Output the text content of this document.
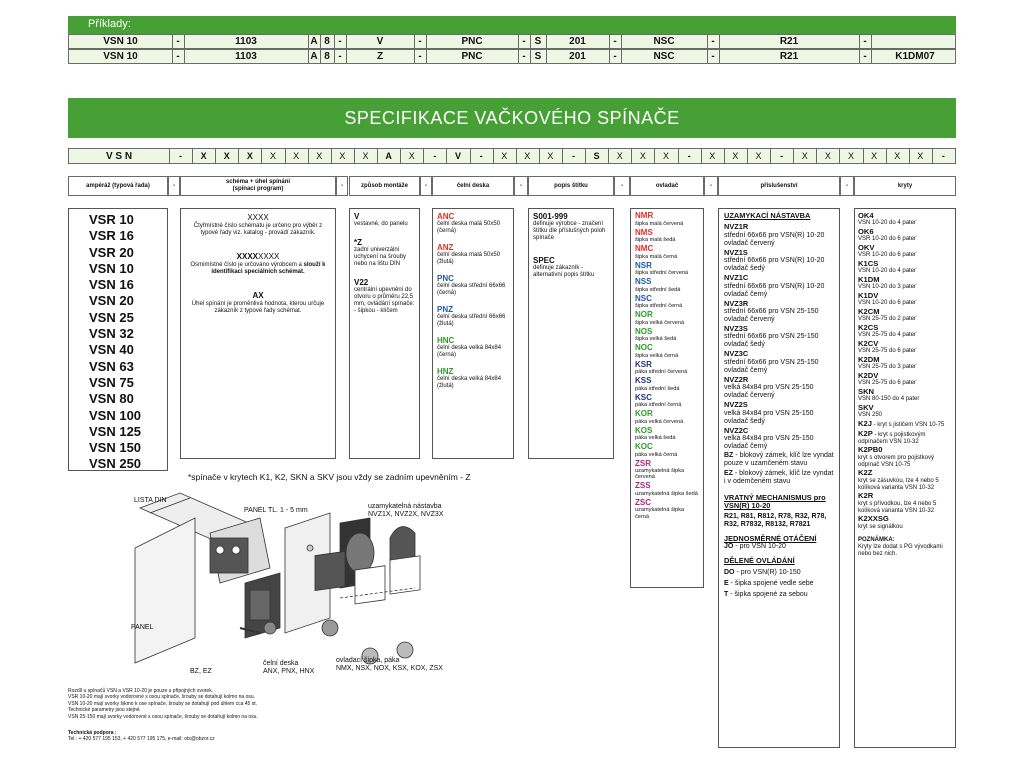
Příklady:
VSN 10	-	1103	A 8 -	V	-	PNC	- S	201	-	NSC	-	R21	-
VSN 10	-	1103	A 8 -	Z	-	PNC	- S	201	-	NSC	-	R21	-	K1DM07
SPECIFIKACE VAČKOVÉHO SPÍNAČE
V S N	-	X	X	X	X	X	X	X	X	A	X	-	V	-	X	X	X	-	S	X	X	X	-	X	X	X	-	X	X	X	X	X	X	-
ampéráž (typová řada)	-
schéma + úhel spínání
(spínací program)
-	způsob montáže	-	čelní deska	-	popis štítku	-	ovladač	-	příslušenství	-	kryty
VSR 10
VSR 16
VSR 20
VSN 10
VSN 16
VSN 20
VSN 25
VSN 32
VSN 40
VSN 63
VSN 75
VSN 80
VSN 100
VSN 125
VSN 150
VSN 250
XXXX
Čtyřmístné číslo schématu je určeno pro výběr z typové řady viz. katalog - provádí zákazník.
XXXXXXXX
Osmimístné číslo je určováno výrobcem a slouží k identifikaci speciálních schémat.
AX
Úhel spínání je proměnlivá hodnota, kterou určuje zákazník z typové řady schémat.
V
vestavné, do panelu
*Z
zadní univerzální uchycení na šrouby nebo na lištu DIN
V22
centrální upevnění do otvoru o průměru 22,5 mm, ovládání spínače: - šipkou - klíčem
ANC
čelní deska malá 50x50 (černá)
ANZ
čelní deska malá 50x50 (žlutá)
PNC
čelní deska střední 66x66 (černá)
PNZ
čelní deska střední 66x66 (žlutá)
HNC
čelní deska velká 84x84 (černá)
HNZ
čelní deska velká 84x84 (žlutá)
S001-999
definuje výrobce - značení štítku dle příslušných poloh spínače
SPEC
definuje zákazník - alternativní popis štítku
NMR
šipka malá červená
NMS
šipka malá šedá
NMC
šipka malá černá
NSR
šipka střední červená
NSS
šipka střední šedá
NSC
šipka střední černá
NOR
šipka velká červená
NOS
šipka velká šedá
NOC
šipka velká černá
KSR
páka střední červená
KSS
páka střední šedá
KSC
páka střední černá
KOR
páka velká červená
KOS
páka velká šedá
KOC
páka velká černá
ZSR
uzamykatelná šipka červená
ZSS
uzamykatelná šipka šedá
ZSC
uzamykatelná šipka černá
UZAMYKACÍ NÁSTAVBA
NVZ1R
střední 66x66 pro VSN(R) 10-20 ovladač červený
NVZ1S
střední 66x66 pro VSN(R) 10-20 ovladač šedý
NVZ1C
střední 66x66 pro VSN(R) 10-20 ovladač černý
NVZ3R
střední 66x66 pro VSN 25-150 ovladač červený
NVZ3S
střední 66x66 pro VSN 25-150 ovladač šedý
NVZ3C
střední 66x66 pro VSN 25-150 ovladač černý
NVZ2R
velká 84x84 pro VSN 25-150 ovladač červený
NVZ2S
velká 84x84 pro VSN 25-150 ovladač šedý
NVZ2C
velká 84x84 pro VSN 25-150 ovladač černý
BZ - blokový zámek, klíč lze vyndat pouze v uzamčeném stavu
EZ - blokový zámek, klíč lze vyndat i v odemčeném stavu
VRATNÝ MECHANISMUS pro VSN(R) 10-20
R21, R81, R812, R78, R32, R78, R32, R7832, R8132, R7821
JEDNOSMĚRNÉ OTÁČENÍ
JO - pro VSN 10-20
DĚLENÉ OVLÁDÁNÍ
DO - pro VSN(R) 10-150
E - šipka spojené vedle sebe
T - šipka spojené za sebou
OK4
VSN 10-20 do 4 pater
OK6
VSR 10-20 do 6 pater
OKV
VSR 10-20 do 6 pater
K1CS
VSN 10-20 do 4 pater
K1DM
VSN 10-20 do 3 pater
K1DV
VSN 10-20 do 6 pater
K2CM
VSN 25-75 do 2 pater
K2CS
VSN 25-75 do 4 pater
K2CV
VSN 25-75 do 6 pater
K2DM
VSN 25-75 do 3 pater
K2DV
VSN 25-75 do 6 pater
SKN
VSN 80-150 do 4 pater
SKV
VSN 250
K2J - kryt s jističem VSN 10-75
K2P - kryt s pojistkovým odpínačem VSN 10-32
K2PB0
kryt s otvorem pro pojistkový odpínač VSN 10-75
K2Z
kryt se zásuvkou, lze 4 nebo 5 kolíková varianta VSN 10-32
K2R
kryt s přívodkou, lze 4 nebo 5 kolíková varianta VSN 10-32
K2XXSG
kryt se signálkou
POZNÁMKA:
Kryty lze dodat s PG vývodkami nebo bez nich.
*spínače v krytech K1, K2, SKN a SKV jsou vždy se zadním upevněním - Z
LISTA DIN
PANEL TL. 1 - 5 mm
uzamykatelná nástavba
NVZ1X, NVZ2X, NVZ3X
PANEL
BZ, EZ
čelní deska
ANX, PNX, HNX
ovladací šipka, páka
NMX, NSX, NOX, KSX, KOX, ZSX
Rozdíl u spínačů VSN a VSR 10-20 je pouze u připojných svorek.
VSR 10-20 mají svorky vodorovné s osou spínače, šrouby se dotahují kolmo na osu.
VSN 10-20 mají svorky šikmo k ose spínače, šrouby se dotahují pod úhlem cca 45 st.
Technické parametry jsou stejné.
VSN 25-150 mají svorky vodorovné s osou spínače, šrouby se dotahují kolmo na osu.
Technická podpora :
Tel.: + 420 577 195 153, + 420 577 195 175, e-mail: ots@obzor.cz
